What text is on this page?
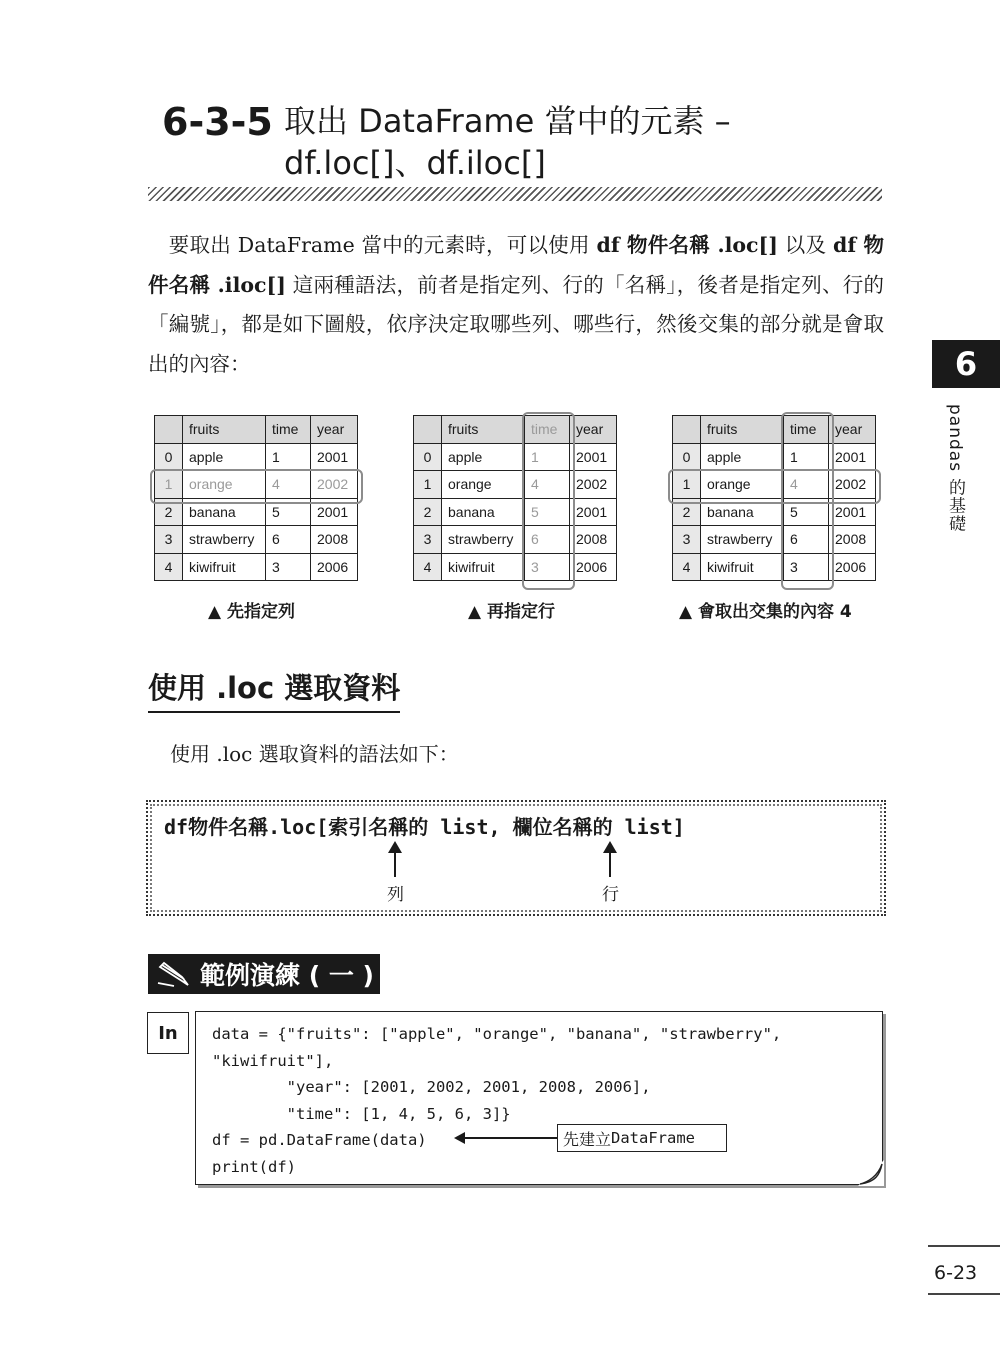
6-3-5 取出 DataFrame 當中的元素 –
df.loc[]、df.iloc[]
　要取出 DataFrame 當中的元素時，可以使用 df 物件名稱 .loc[] 以及 df 物件名稱 .iloc[] 這兩種語法，前者是指定列、行的「名稱」，後者是指定列、行的「編號」，都是如下圖般，依序決定取哪些列、哪些行，然後交集的部分就是會取出的內容：	6
pandas 的基礎
	fruits	time	year
0	apple	1	2001
1	orange	4	2002
2	banana	5	2001
3	strawberry	6	2008
4	kiwifruit	3	2006
▲ 先指定列
	fruits	time	year
0	apple	1	2001
1	orange	4	2002
2	banana	5	2001
3	strawberry	6	2008
4	kiwifruit	3	2006
▲ 再指定行
	fruits	time	year
0	apple	1	2001
1	orange	4	2002
2	banana	5	2001
3	strawberry	6	2008
4	kiwifruit	3	2006
▲ 會取出交集的內容 4
使用 .loc 選取資料
使用 .loc 選取資料的語法如下：
df物件名稱.loc[索引名稱的 list, 欄位名稱的 list]
列	行
範例演練 ( 一 )
In	data = {"fruits": ["apple", "orange", "banana", "strawberry",
"kiwifruit"],
"year": [2001, 2002, 2001, 2008, 2006],
"time": [1, 4, 5, 6, 3]}
df = pd.DataFrame(data)
print(df)
先建立 DataFrame
6-23
